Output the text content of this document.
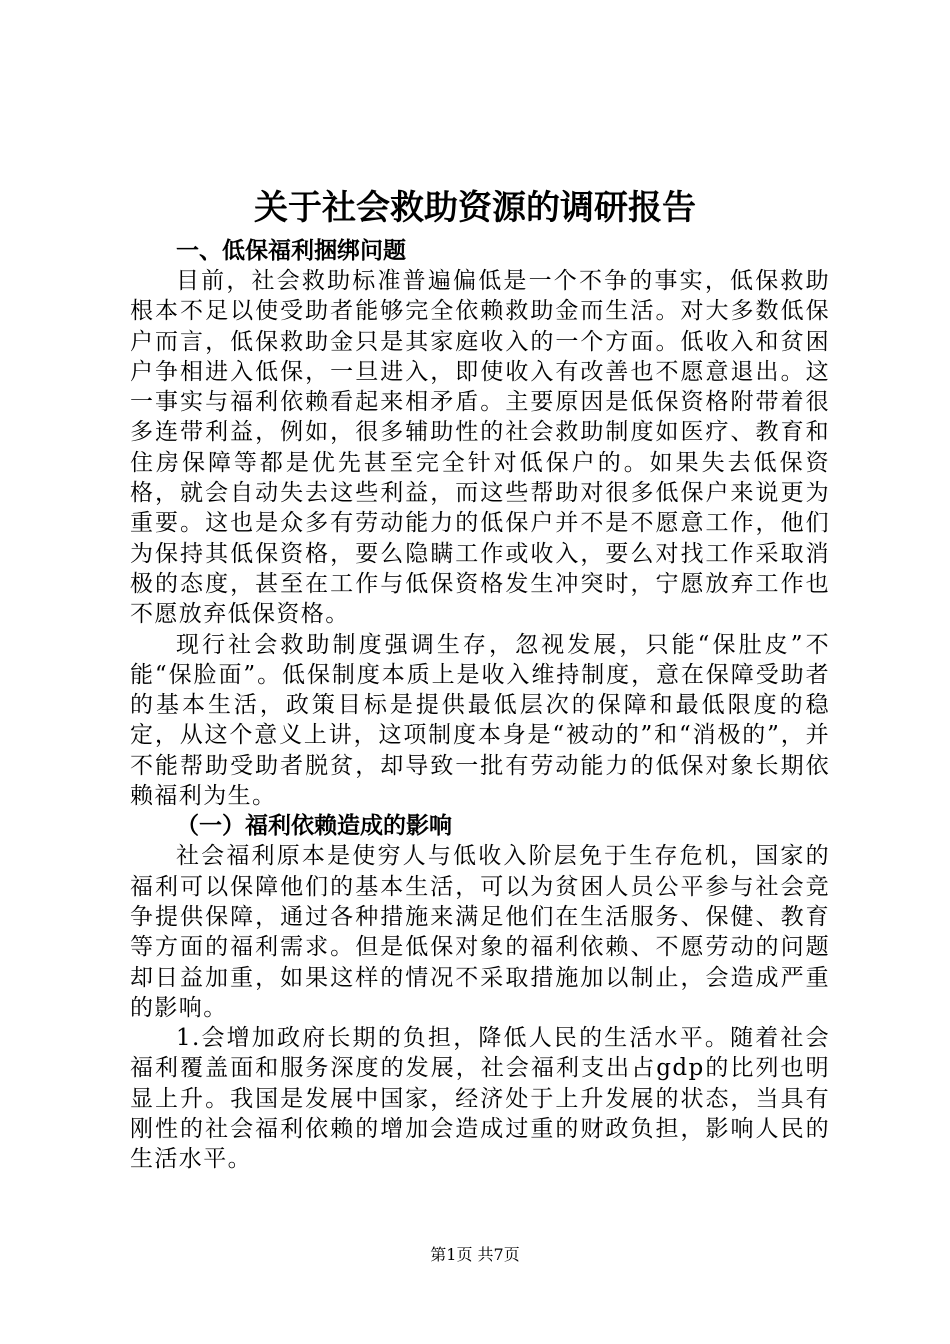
关于社会救助资源的调研报告
一、低保福利捆绑问题

目前，社会救助标准普遍偏低是一个不争的事实，低保救助根本不足以使受助者能够完全依赖救助金而生活。对大多数低保户而言，低保救助金只是其家庭收入的一个方面。低收入和贫困户争相进入低保，一旦进入，即使收入有改善也不愿意退出。这一事实与福利依赖看起来相矛盾。主要原因是低保资格附带着很多连带利益，例如，很多辅助性的社会救助制度如医疗、教育和住房保障等都是优先甚至完全针对低保户的。如果失去低保资格，就会自动失去这些利益，而这些帮助对很多低保户来说更为重要。这也是众多有劳动能力的低保户并不是不愿意工作，他们为保持其低保资格，要么隐瞒工作或收入，要么对找工作采取消极的态度，甚至在工作与低保资格发生冲突时，宁愿放弃工作也不愿放弃低保资格。

现行社会救助制度强调生存，忽视发展，只能“保肚皮”不能“保脸面”。低保制度本质上是收入维持制度，意在保障受助者的基本生活，政策目标是提供最低层次的保障和最低限度的稳定，从这个意义上讲，这项制度本身是“被动的”和“消极的”，并不能帮助受助者脱贫，却导致一批有劳动能力的低保对象长期依赖福利为生。

（一）福利依赖造成的影响

社会福利原本是使穷人与低收入阶层免于生存危机，国家的福利可以保障他们的基本生活，可以为贫困人员公平参与社会竞争提供保障，通过各种措施来满足他们在生活服务、保健、教育等方面的福利需求。但是低保对象的福利依赖、不愿劳动的问题却日益加重，如果这样的情况不采取措施加以制止，会造成严重的影响。

1.会增加政府长期的负担，降低人民的生活水平。随着社会福利覆盖面和服务深度的发展，社会福利支出占gdp的比列也明显上升。我国是发展中国家，经济处于上升发展的状态，当具有刚性的社会福利依赖的增加会造成过重的财政负担，影响人民的生活水平。

第1页 共7页
